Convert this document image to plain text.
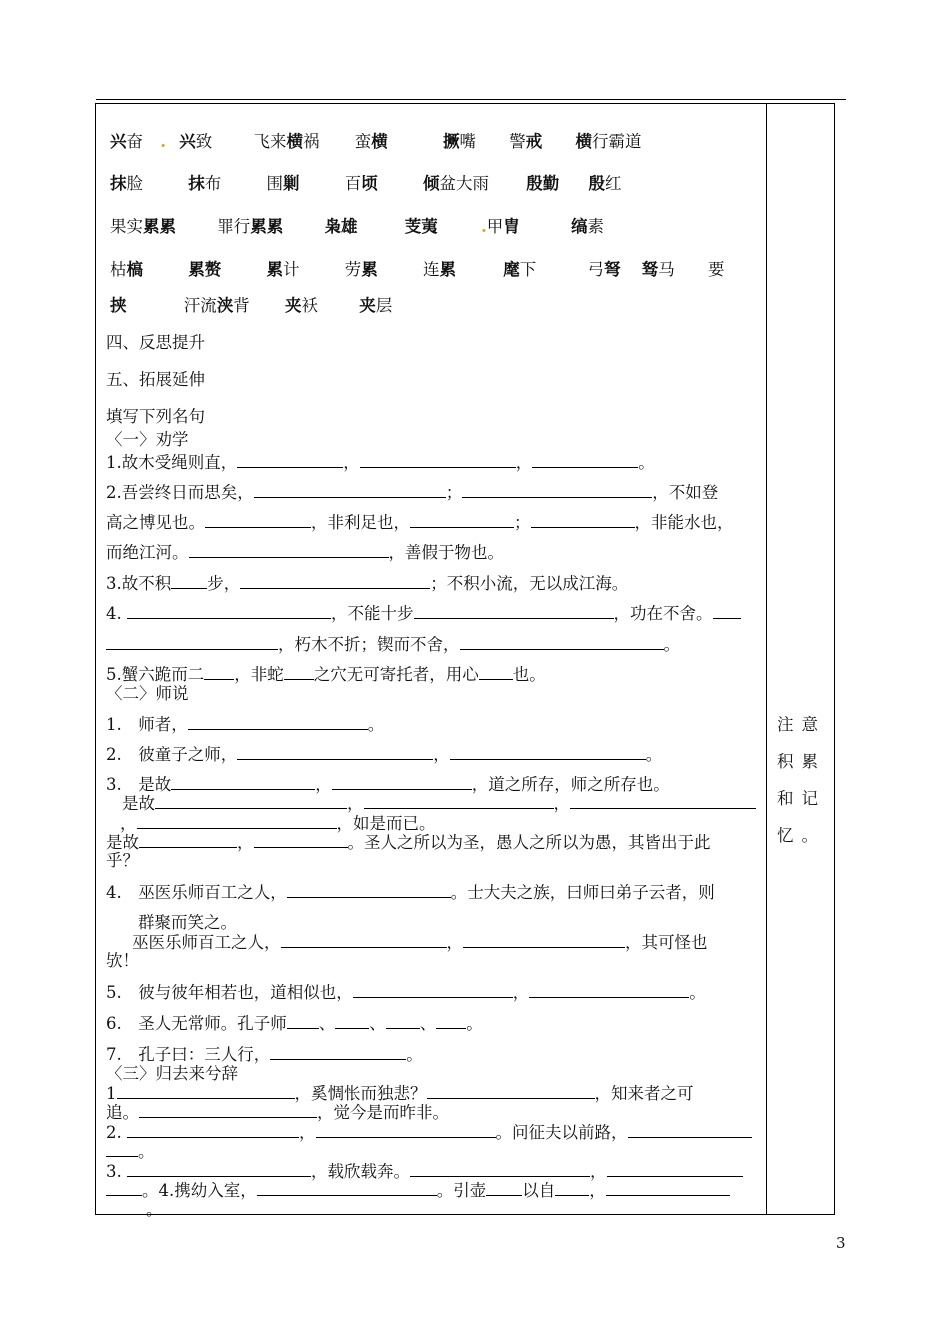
兴奋 . 兴致	飞来横祸 蛮横	撅嘴 警戒 横行霸道
抹脸	抹布	围剿	百顷	倾盆大雨 殷勤 殷红
果实累累	罪行累累	枭雄	芰荑	.甲胄	缟素
枯槁	累赘	累计	劳累	连累	麾下	弓弩 驽马 要
挟	汗流浃背 夹袄	夹层
四、反思提升
五、拓展延伸
填写下列名句
〈一〉劝学
1.故木受绳则直，	，	，	。
2.吾尝终日而思矣，	；	，不如登
高之博见也。	，非利足也，	；	，非能水也，
而绝江河。	，善假于物也。
3.故不积 步，	；不积小流，无以成江海。
4.	，不能十步	，功在不舍。
，朽木不折；锲而不舍，	。
5.蟹六跪而二 ，非蛇 之穴无可寄托者，用心 也。
〈二〉师说
1.　师者，	。
2.　彼童子之师，	，	。
3.　是故	，	，道之所存，师之所存也。
是故	，	，
，	，如是而已。
是故	，	。圣人之所以为圣，愚人之所以为愚，其皆出于此
乎？
4.　巫医乐师百工之人，	。士大夫之族，曰师曰弟子云者，则
群聚而笑之。
巫医乐师百工之人，	，	，其可怪也
欤！
5.　彼与彼年相若也，道相似也，	，	。
6.　圣人无常师。孔子师 、 、 、 。
7.　孔子曰：三人行，	。
〈三〉归去来兮辞
1	，奚惆怅而独悲？	，知来者之可
追。	，觉今是而昨非。
2.	，	。问征夫以前路，
。
3.	，载欣载奔。	，
。4.携幼入室，	。引壶 以自 ，
。
注意
积累
和记
忆。
3
